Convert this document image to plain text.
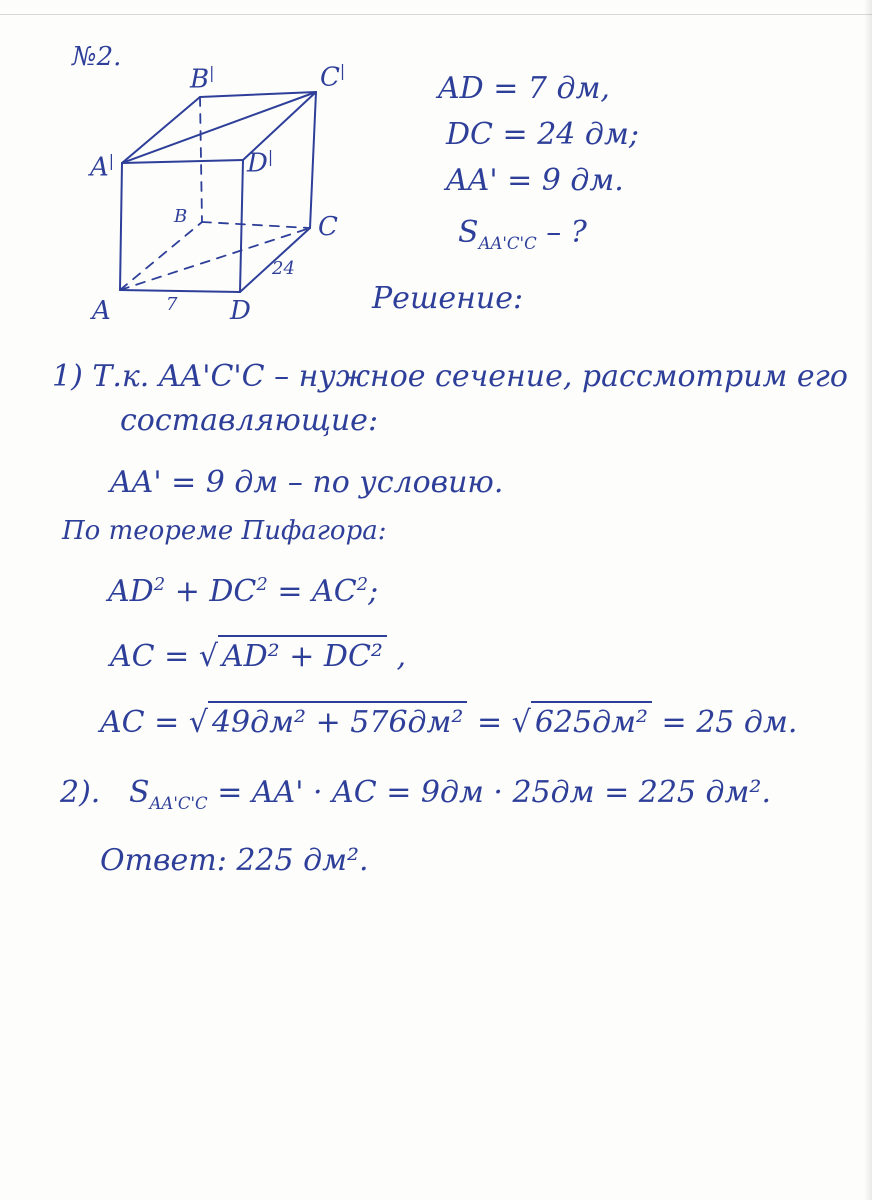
№2.
B|	C|
A|	D|
B	C
A	D
24
7
AD = 7 дм,
DC = 24 дм;
AA' = 9 дм.
$S_{AA'C'C}$ – ?
Решение:
1) Т.к. AA'C'C – нужное сечение, рассмотрим его
составляющие:
AA' = 9 дм – по условию.
По теореме Пифагора:
$AD^2 + DC^2 = AC^2$;
AC = √ AD² + DC² ,
AC = √ 49дм² + 576дм² = √ 625дм² = 25 дм.
2). $S_{AA'C'C} = AA'$ · AC = 9дм · 25дм = 225 дм².
Ответ: 225 дм².
